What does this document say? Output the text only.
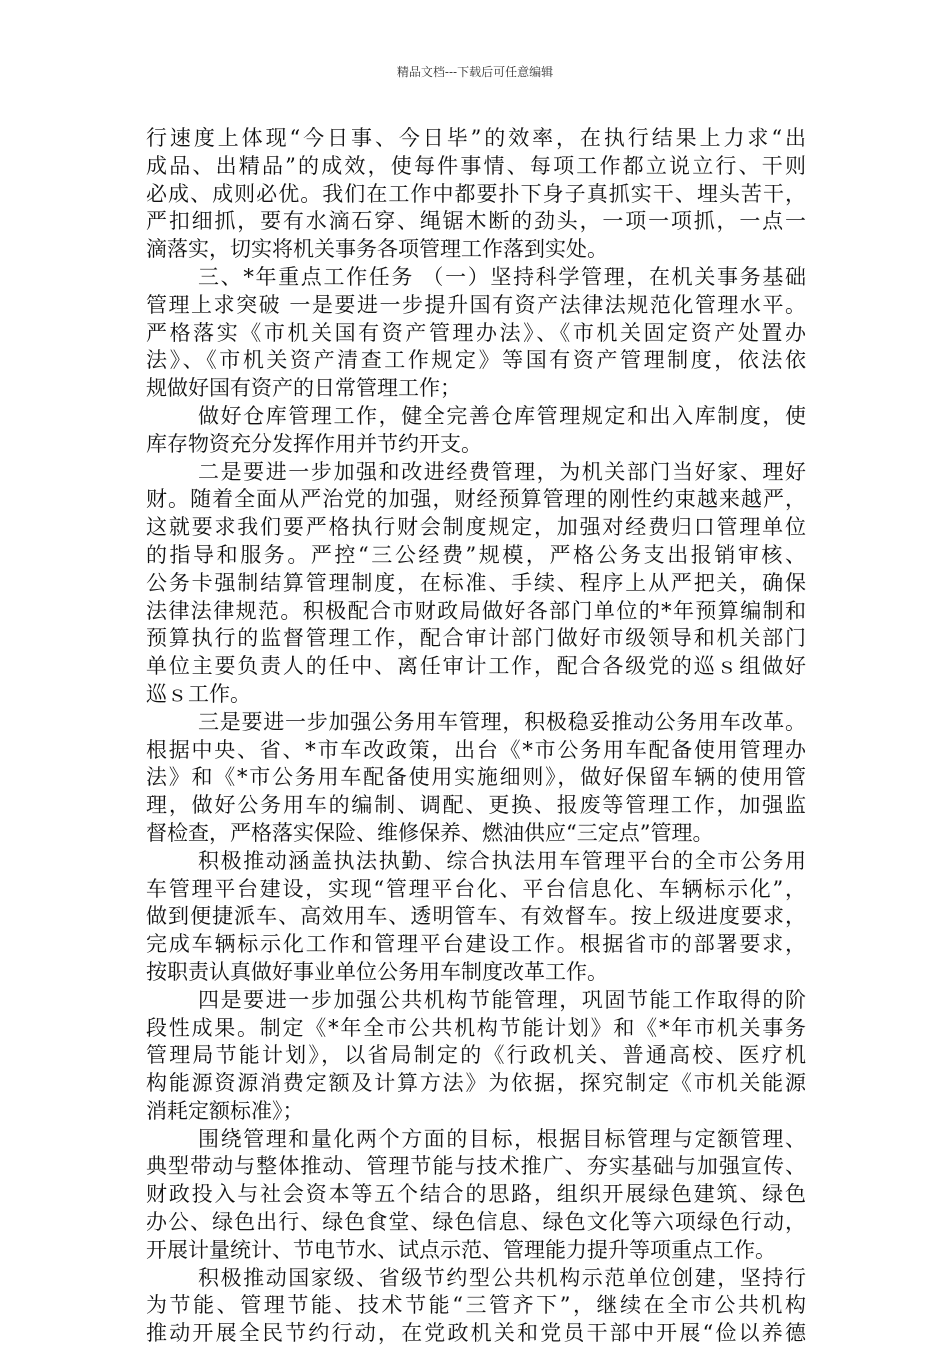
精品文档---下载后可任意编辑
行速度上体现“今日事、今日毕”的效率，在执行结果上力求“出
成品、出精品”的成效，使每件事情、每项工作都立说立行、干则
必成、成则必优。我们在工作中都要扑下身子真抓实干、埋头苦干，
严扣细抓，要有水滴石穿、绳锯木断的劲头，一项一项抓，一点一
滴落实，切实将机关事务各项管理工作落到实处。
三、*年重点工作任务 （一）坚持科学管理，在机关事务基础
管理上求突破 一是要进一步提升国有资产法律法规范化管理水平。
严格落实《市机关国有资产管理办法》、《市机关固定资产处置办
法》、《市机关资产清查工作规定》等国有资产管理制度，依法依
规做好国有资产的日常管理工作；
做好仓库管理工作，健全完善仓库管理规定和出入库制度，使
库存物资充分发挥作用并节约开支。
二是要进一步加强和改进经费管理，为机关部门当好家、理好
财。随着全面从严治党的加强，财经预算管理的刚性约束越来越严，
这就要求我们要严格执行财会制度规定，加强对经费归口管理单位
的指导和服务。严控“三公经费”规模，严格公务支出报销审核、
公务卡强制结算管理制度，在标准、手续、程序上从严把关，确保
法律法律规范。积极配合市财政局做好各部门单位的*年预算编制和
预算执行的监督管理工作，配合审计部门做好市级领导和机关部门
单位主要负责人的任中、离任审计工作，配合各级党的巡ｓ组做好
巡ｓ工作。
三是要进一步加强公务用车管理，积极稳妥推动公务用车改革。
根据中央、省、*市车改政策，出台《*市公务用车配备使用管理办
法》和《*市公务用车配备使用实施细则》，做好保留车辆的使用管
理，做好公务用车的编制、调配、更换、报废等管理工作，加强监
督检查，严格落实保险、维修保养、燃油供应“三定点”管理。
积极推动涵盖执法执勤、综合执法用车管理平台的全市公务用
车管理平台建设，实现“管理平台化、平台信息化、车辆标示化”，
做到便捷派车、高效用车、透明管车、有效督车。按上级进度要求，
完成车辆标示化工作和管理平台建设工作。根据省市的部署要求，
按职责认真做好事业单位公务用车制度改革工作。
四是要进一步加强公共机构节能管理，巩固节能工作取得的阶
段性成果。制定《*年全市公共机构节能计划》和《*年市机关事务
管理局节能计划》，以省局制定的《行政机关、普通高校、医疗机
构能源资源消费定额及计算方法》为依据，探究制定《市机关能源
消耗定额标准》；
围绕管理和量化两个方面的目标，根据目标管理与定额管理、
典型带动与整体推动、管理节能与技术推广、夯实基础与加强宣传、
财政投入与社会资本等五个结合的思路，组织开展绿色建筑、绿色
办公、绿色出行、绿色食堂、绿色信息、绿色文化等六项绿色行动，
开展计量统计、节电节水、试点示范、管理能力提升等项重点工作。
积极推动国家级、省级节约型公共机构示范单位创建，坚持行
为节能、管理节能、技术节能“三管齐下”，继续在全市公共机构
推动开展全民节约行动，在党政机关和党员干部中开展“俭以养德
